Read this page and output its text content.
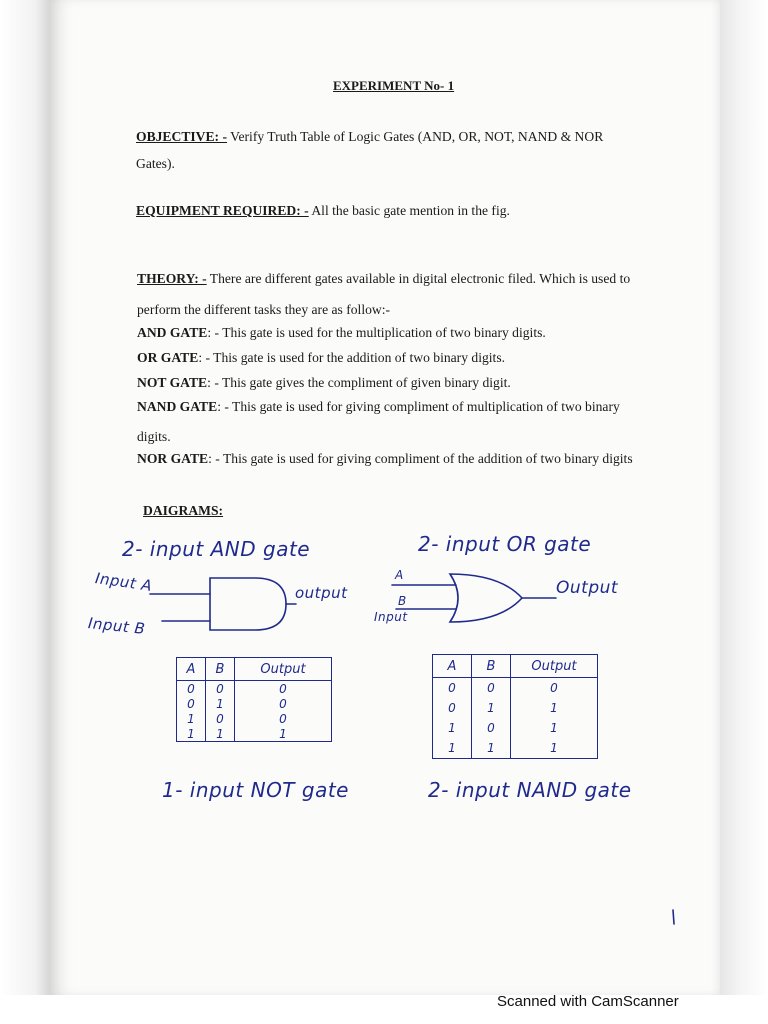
EXPERIMENT No- 1
OBJECTIVE: - Verify Truth Table of Logic Gates (AND, OR, NOT, NAND & NOR
Gates).
EQUIPMENT REQUIRED: - All the basic gate mention in the fig.
THEORY: - There are different gates available in digital electronic filed. Which is used to
perform the different tasks they are as follow:-
AND GATE: - This gate is used for the multiplication of two binary digits.
OR GATE: - This gate is used for the addition of two binary digits.
NOT GATE: - This gate gives the compliment of given binary digit.
NAND GATE: - This gate is used for giving compliment of multiplication of two binary
digits.
NOR GATE: - This gate is used for giving compliment of the addition of two binary digits
DAIGRAMS:
2- input AND gate	2- input OR gate
Input A
Input B
output
A
B
Input
Output
1- input NOT gate	2- input NAND gate
A	B	Output
0	0	0
0	1	0
1	0	0
1	1	1
A	B	Output
0	0	0
0	1	1
1	0	1
1	1	1
Scanned with CamScanner
